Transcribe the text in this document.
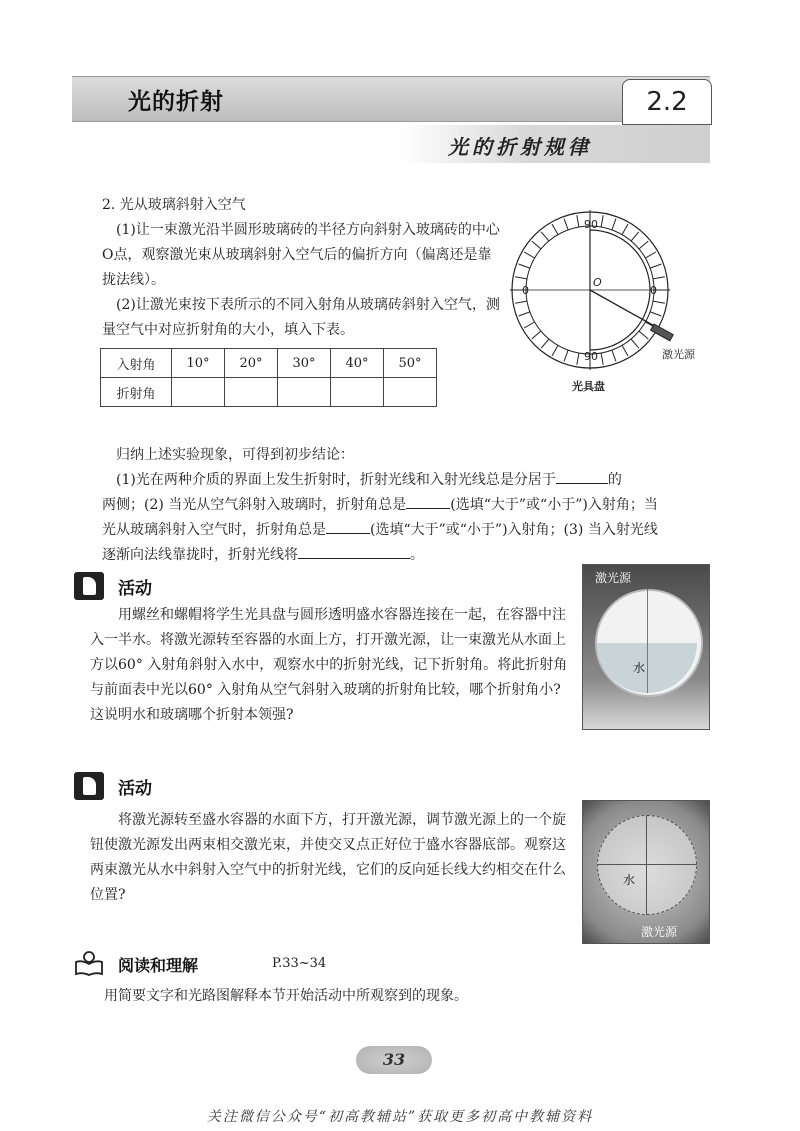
光的折射	2.2
光的折射规律
2. 光从玻璃斜射入空气
(1)让一束激光沿半圆形玻璃砖的半径方向斜射入玻璃砖的中心O点，观察激光束从玻璃斜射入空气后的偏折方向（偏离还是靠拢法线）。
(2)让激光束按下表所示的不同入射角从玻璃砖斜射入空气，测量空气中对应折射角的大小，填入下表。
入射角	10°	20°	30°	40°	50°
折射角					
90
90
0	0
O
激光源
光具盘
归纳上述实验现象，可得到初步结论：
(1)光在两种介质的界面上发生折射时，折射光线和入射光线总是分居于	的
两侧；(2) 当光从空气斜射入玻璃时，折射角总是	(选填“大于”或“小于”)入射角；当
光从玻璃斜射入空气时，折射角总是	(选填“大于”或“小于”)入射角；(3) 当入射光线
逐渐向法线靠拢时，折射光线将	。
活动
用螺丝和螺帽将学生光具盘与圆形透明盛水容器连接在一起，在容器中注入一半水。将激光源转至容器的水面上方，打开激光源，让一束激光从水面上方以60° 入射角斜射入水中，观察水中的折射光线，记下折射角。将此折射角与前面表中光以60° 入射角从空气斜射入玻璃的折射角比较，哪个折射角小? 这说明水和玻璃哪个折射本领强?
激光源
水
活动
将激光源转至盛水容器的水面下方，打开激光源，调节激光源上的一个旋钮使激光源发出两束相交激光束，并使交叉点正好位于盛水容器底部。观察这两束激光从水中斜射入空气中的折射光线，它们的反向延长线大约相交在什么位置?
水
激光源
阅读和理解	P.33~34
用简要文字和光路图解释本节开始活动中所观察到的现象。
33
关注微信公众号“初高教辅站”获取更多初高中教辅资料
